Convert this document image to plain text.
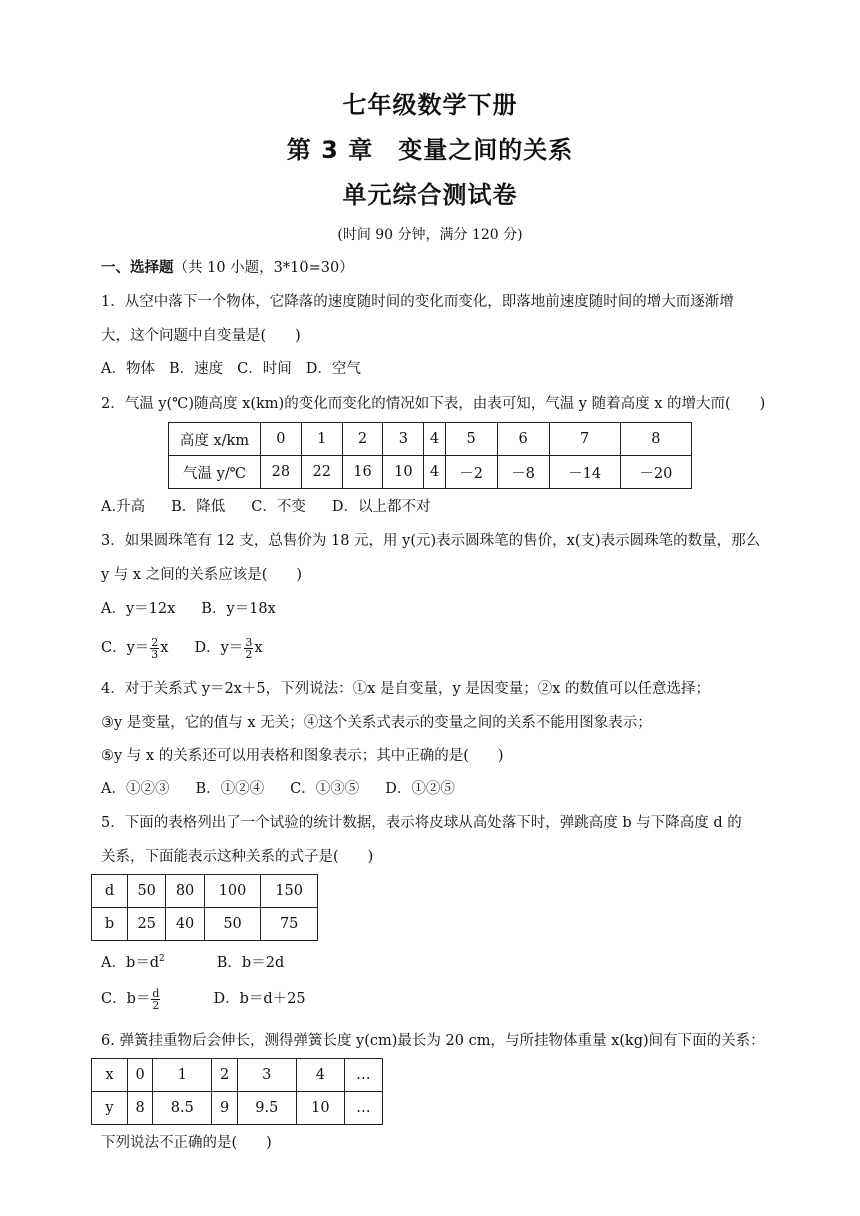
七年级数学下册
第 3 章　变量之间的关系
单元综合测试卷
(时间 90 分钟，满分 120 分)
一、选择题（共 10 小题，3*10=30）
1．从空中落下一个物体，它降落的速度随时间的变化而变化，即落地前速度随时间的增大而逐渐增
大，这个问题中自变量是(　　)
A．物体 B．速度 C．时间 D．空气
2．气温 y(℃)随高度 x(km)的变化而变化的情况如下表，由表可知，气温 y 随着高度 x 的增大而(　　)
高度 x/km	0	1	2	3	4	5	6	7	8
气温 y/℃	28	22	16	10	4	－2	－8	－14	－20
A.升高 B．降低 C．不变 D．以上都不对
3．如果圆珠笔有 12 支，总售价为 18 元，用 y(元)表示圆珠笔的售价，x(支)表示圆珠笔的数量，那么
y 与 x 之间的关系应该是(　　)
A．y＝12x B．y＝18x
C．$y= \frac{2}{3}$ x D．$y= \frac{3}{2}$ x
4．对于关系式 y＝2x＋5，下列说法：①x 是自变量，y 是因变量；②x 的数值可以任意选择；
③y 是变量，它的值与 x 无关；④这个关系式表示的变量之间的关系不能用图象表示；
⑤y 与 x 的关系还可以用表格和图象表示；其中正确的是(　　)
A．①②③ B．①②④ C．①③⑤ D．①②⑤
5．下面的表格列出了一个试验的统计数据，表示将皮球从高处落下时，弹跳高度 b 与下降高度 d 的
关系，下面能表示这种关系的式子是(　　)
d	50	80	100	150
b	25	40	50	75
A．$b=d^2$	B．b＝2d
C．$b= \frac{d}{2}$	D．b＝d＋25
6. 弹簧挂重物后会伸长，测得弹簧长度 y(cm)最长为 20 cm，与所挂物体重量 x(kg)间有下面的关系：
x	0	1	2	3	4	…
y	8	8.5	9	9.5	10	…
下列说法不正确的是(　　)
